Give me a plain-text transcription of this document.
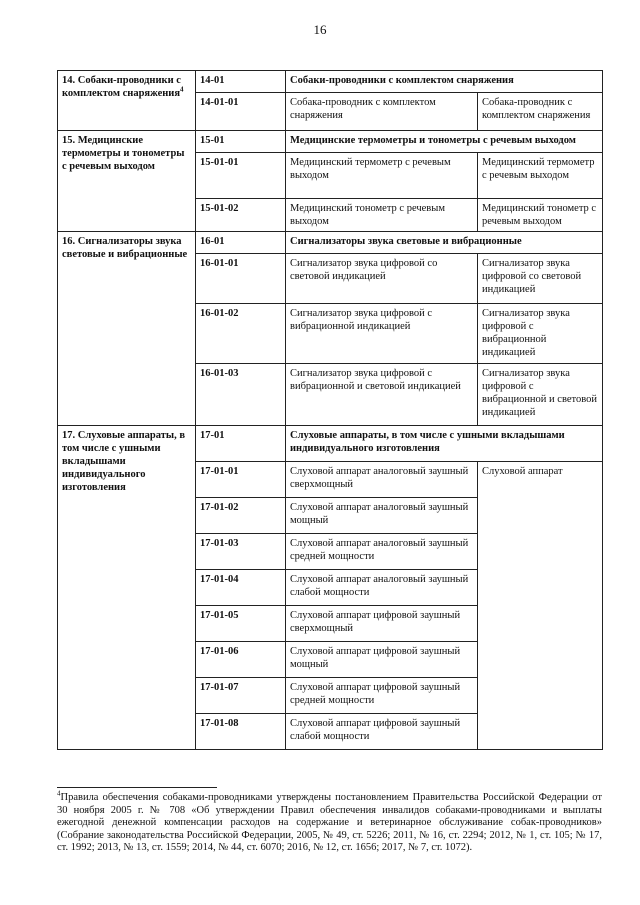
16
14. Собаки-проводники с комплектом снаряжения$^4$	14-01	Собаки-проводники с комплектом снаряжения	
	14-01-01	Собака-проводник с комплектом снаряжения	Собака-проводник с комплектом снаряжения
15. Медицинские термометры и тонометры с речевым выходом	15-01	Медицинские термометры и тонометры с речевым выходом	
	15-01-01	Медицинский термометр с речевым выходом	Медицинский термометр с речевым выходом
	15-01-02	Медицинский тонометр с речевым выходом	Медицинский тонометр с речевым выходом
16. Сигнализаторы звука световые и вибрационные	16-01	Сигнализаторы звука световые и вибрационные	
	16-01-01	Сигнализатор звука цифровой со световой индикацией	Сигнализатор звука цифровой со световой индикацией
	16-01-02	Сигнализатор звука цифровой с вибрационной индикацией	Сигнализатор звука цифровой с вибрационной индикацией
	16-01-03	Сигнализатор звука цифровой с вибрационной и световой индикацией	Сигнализатор звука цифровой с вибрационной и световой индикацией
17. Слуховые аппараты, в том числе с ушными вкладышами индивидуального изготовления	17-01	Слуховые аппараты, в том числе с ушными вкладышами индивидуального изготовления	
	17-01-01	Слуховой аппарат аналоговый заушный сверхмощный	Слуховой аппарат
	17-01-02	Слуховой аппарат аналоговый заушный мощный	
	17-01-03	Слуховой аппарат аналоговый заушный средней мощности	
	17-01-04	Слуховой аппарат аналоговый заушный слабой мощности	
	17-01-05	Слуховой аппарат цифровой заушный сверхмощный	
	17-01-06	Слуховой аппарат цифровой заушный мощный	
	17-01-07	Слуховой аппарат цифровой заушный средней мощности	
	17-01-08	Слуховой аппарат цифровой заушный слабой мощности	
$^4$Правила обеспечения собаками-проводниками утверждены постановлением Правительства Российской Федерации от 30 ноября 2005 г. № 708 «Об утверждении Правил обеспечения инвалидов собаками-проводниками и выплаты ежегодной денежной компенсации расходов на содержание и ветеринарное обслуживание собак-проводников» (Собрание законодательства Российской Федерации, 2005, № 49, ст. 5226; 2011, № 16, ст. 2294; 2012, № 1, ст. 105; № 17, ст. 1992; 2013, № 13, ст. 1559; 2014, № 44, ст. 6070; 2016, № 12, ст. 1656; 2017, № 7, ст. 1072).
